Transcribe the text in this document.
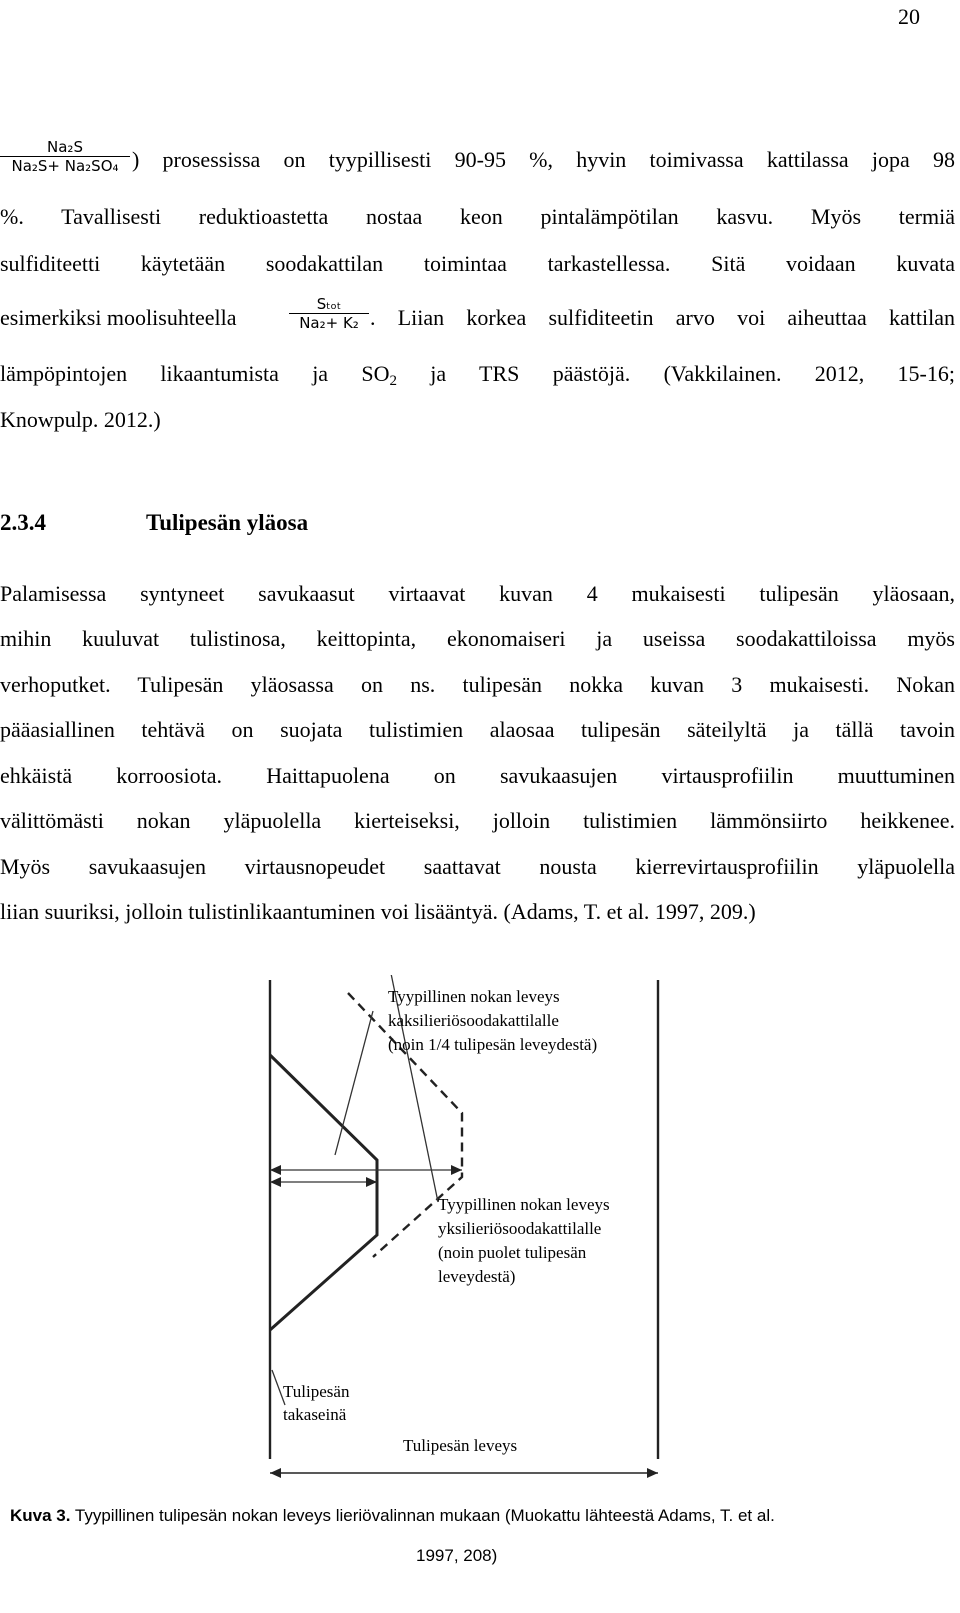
20
Na₂S
Na₂S+ Na₂SO₄ ) prosessissa on tyypillisesti 90-95 %, hyvin toimivassa kattilassa jopa 98
%. Tavallisesti reduktioastetta nostaa keon pintalämpötilan kasvu. Myös termiä
sulfiditeetti käytetään soodakattilan toimintaa tarkastellessa. Sitä voidaan kuvata
esimerkiksi moolisuhteella
Sₜₒₜ
Na₂+ K₂ . Liian korkea sulfiditeetin arvo voi aiheuttaa kattilan
lämpöpintojen likaantumista ja $SO_2$ ja TRS päästöjä. (Vakkilainen. 2012, 15-16;
Knowpulp. 2012.)
2.3.4	Tulipesän yläosa
Palamisessa syntyneet savukaasut virtaavat kuvan 4 mukaisesti tulipesän yläosaan,
mihin kuuluvat tulistinosa, keittopinta, ekonomaiseri ja useissa soodakattiloissa myös
verhoputket. Tulipesän yläosassa on ns. tulipesän nokka kuvan 3 mukaisesti. Nokan
pääasiallinen tehtävä on suojata tulistimien alaosaa tulipesän säteilyltä ja tällä tavoin
ehkäistä korroosiota. Haittapuolena on savukaasujen virtausprofiilin muuttuminen
välittömästi nokan yläpuolella kierteiseksi, jolloin tulistimien lämmönsiirto heikkenee.
Myös savukaasujen virtausnopeudet saattavat nousta kierrevirtausprofiilin yläpuolella
liian suuriksi, jolloin tulistinlikaantuminen voi lisääntyä. (Adams, T. et al. 1997, 209.)
Tyypillinen nokan leveys
kaksilieriösoodakattilalle
(noin 1/4 tulipesän leveydestä)
Tyypillinen nokan leveys
yksilieriösoodakattilalle
(noin puolet tulipesän
leveydestä)
Tulipesän
takaseinä
Tulipesän leveys
Kuva 3. Tyypillinen tulipesän nokan leveys lieriövalinnan mukaan (Muokattu lähteestä Adams, T. et al.
1997, 208)
